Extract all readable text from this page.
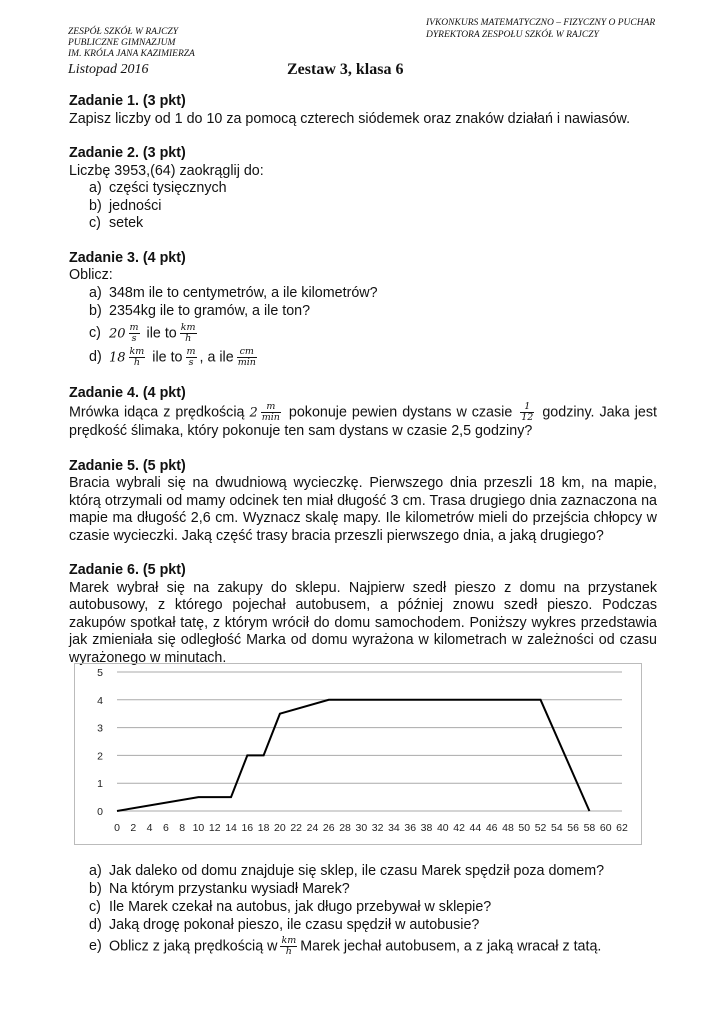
ZESPÓŁ SZKÓŁ W RAJCZY
PUBLICZNE GIMNAZJUM
IM. KRÓLA JANA KAZIMIERZA
IVKONKURS MATEMATYCZNO – FIZYCZNY O PUCHAR
DYREKTORA ZESPOŁU SZKÓŁ W RAJCZY
Listopad 2016	Zestaw 3, klasa 6
Zadanie 1. (3 pkt)

Zapisz liczby od 1 do 10 za pomocą czterech siódemek oraz znaków działań i nawiasów.

Zadanie 2. (3 pkt)

Liczbę 3953,(64) zaokrąglij do:

a) części tysięcznych
b) jedności
c) setek
Zadanie 3. (4 pkt)

Oblicz:

a) 348m ile to centymetrów, a ile kilometrów?
b) 2354kg ile to gramów, a ile ton?
c) $20 \frac{m}{s}$ ile to $\frac{km}{h}$
d) $18 \frac{km}{h}$ ile to $\frac{m}{s}$ , a ile $\frac{cm}{\min}$
Zadanie 4. (4 pkt)

Mrówka idąca z prędkością $2 \frac{m}{\min}$ pokonuje pewien dystans w czasie $\frac{1}{12}$ godziny. Jaka jest prędkość ślimaka, który pokonuje ten sam dystans w czasie 2,5 godziny?

Zadanie 5. (5 pkt)

Bracia wybrali się na dwudniową wycieczkę. Pierwszego dnia przeszli 18 km, na mapie, którą otrzymali od mamy odcinek ten miał długość 3 cm. Trasa drugiego dnia zaznaczona na mapie ma długość 2,6 cm. Wyznacz skalę mapy. Ile kilometrów mieli do przejścia chłopcy w czasie wycieczki. Jaką część trasy bracia przeszli pierwszego dnia, a jaką drugiego?

Zadanie 6. (5 pkt)

Marek wybrał się na zakupy do sklepu. Najpierw szedł pieszo z domu na przystanek autobusowy, z którego pojechał autobusem, a później znowu szedł pieszo. Podczas zakupów spotkał tatę, z którym wrócił do domu samochodem. Poniższy wykres przedstawia jak zmieniała się odległość Marka od domu wyrażona w kilometrach w zależności od czasu wyrażonego w minutach.

0
1
2
3
4
5
0 2 4 6 8 10 12 14 16 18 20 22 24 26 28 30 32 34 36 38 40 42 44 46 48 50 52 54 56 58 60 62
a) Jak daleko od domu znajduje się sklep, ile czasu Marek spędził poza domem?
b) Na którym przystanku wysiadł Marek?
c) Ile Marek czekał na autobus, jak długo przebywał w sklepie?
d) Jaką drogę pokonał pieszo, ile czasu spędził w autobusie?
e) Oblicz z jaką prędkością w $\frac{km}{h}$ Marek jechał autobusem, a z jaką wracał z tatą.
